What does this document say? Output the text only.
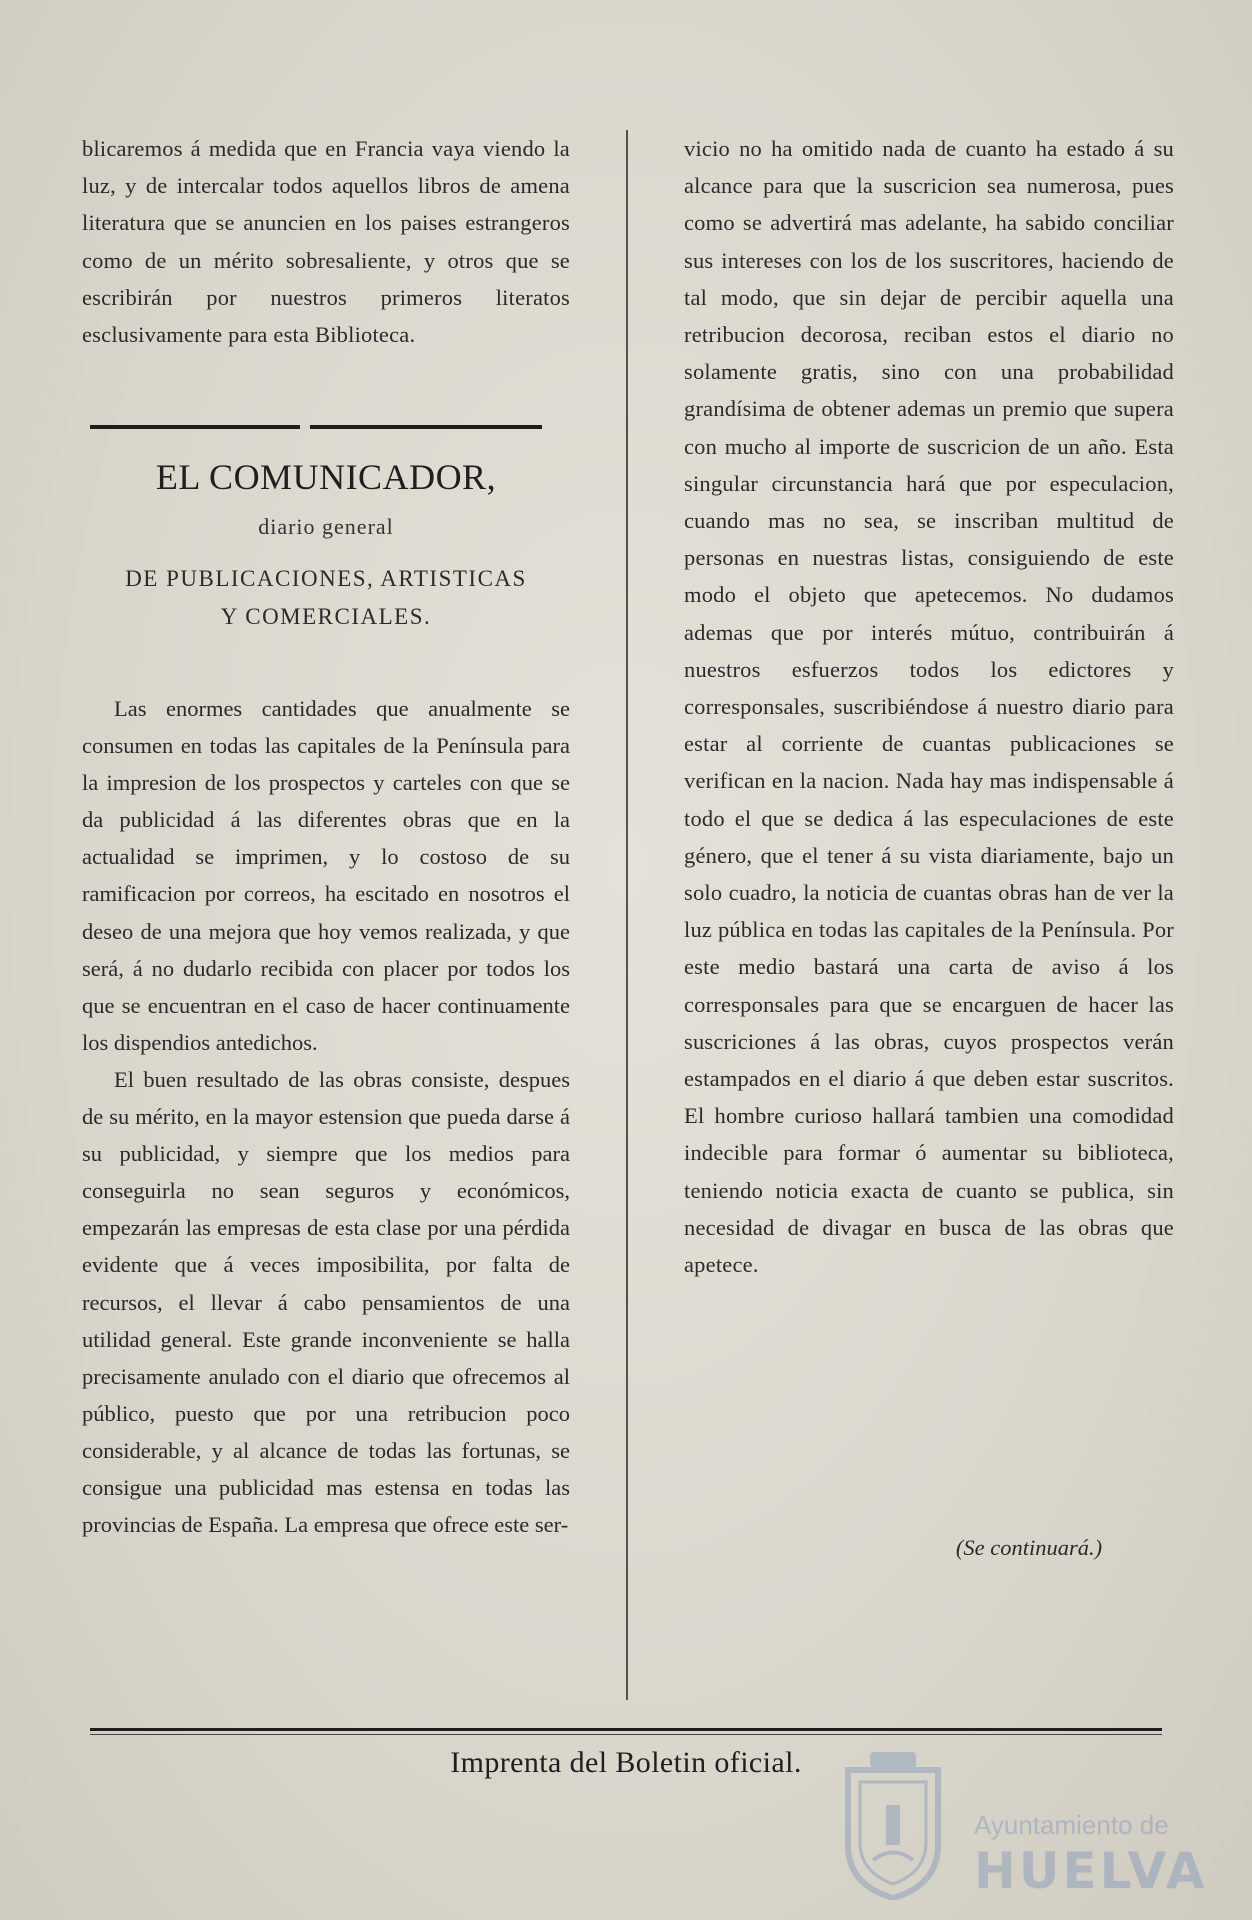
blicaremos á medida que en Francia vaya viendo la luz, y de intercalar todos aquellos libros de amena literatura que se anuncien en los paises estrangeros como de un mérito sobresaliente, y otros que se escribirán por nuestros primeros literatos esclusivamente para esta Biblioteca.

EL COMUNICADOR,
diario general
DE PUBLICACIONES, ARTISTICAS
Y COMERCIALES.

Las enormes cantidades que anualmente se consumen en todas las capitales de la Península para la impresion de los prospectos y carteles con que se da publicidad á las diferentes obras que en la actualidad se imprimen, y lo costoso de su ramificacion por correos, ha escitado en nosotros el deseo de una mejora que hoy vemos realizada, y que será, á no dudarlo recibida con placer por todos los que se encuentran en el caso de hacer continuamente los dispendios antedichos.

El buen resultado de las obras consiste, despues de su mérito, en la mayor estension que pueda darse á su publicidad, y siempre que los medios para conseguirla no sean seguros y económicos, empezarán las empresas de esta clase por una pérdida evidente que á veces imposibilita, por falta de recursos, el llevar á cabo pensamientos de una utilidad general. Este grande inconveniente se halla precisamente anulado con el diario que ofrecemos al público, puesto que por una retribucion poco considerable, y al alcance de todas las fortunas, se consigue una publicidad mas estensa en todas las provincias de España. La empresa que ofrece este ser-

vicio no ha omitido nada de cuanto ha estado á su alcance para que la suscricion sea numerosa, pues como se advertirá mas adelante, ha sabido conciliar sus intereses con los de los suscritores, haciendo de tal modo, que sin dejar de percibir aquella una retribucion decorosa, reciban estos el diario no solamente gratis, sino con una probabilidad grandísima de obtener ademas un premio que supera con mucho al importe de suscricion de un año. Esta singular circunstancia hará que por especulacion, cuando mas no sea, se inscriban multitud de personas en nuestras listas, consiguiendo de este modo el objeto que apetecemos. No dudamos ademas que por interés mútuo, contribuirán á nuestros esfuerzos todos los edictores y corresponsales, suscribiéndose á nuestro diario para estar al corriente de cuantas publicaciones se verifican en la nacion. Nada hay mas indispensable á todo el que se dedica á las especulaciones de este género, que el tener á su vista diariamente, bajo un solo cuadro, la noticia de cuantas obras han de ver la luz pública en todas las capitales de la Península. Por este medio bastará una carta de aviso á los corresponsales para que se encarguen de hacer las suscriciones á las obras, cuyos prospectos verán estampados en el diario á que deben estar suscritos. El hombre curioso hallará tambien una comodidad indecible para formar ó aumentar su biblioteca, teniendo noticia exacta de cuanto se publica, sin necesidad de divagar en busca de las obras que apetece.

(Se continuará.)
Imprenta del Boletin oficial.
Ayuntamiento de
HUELVA
